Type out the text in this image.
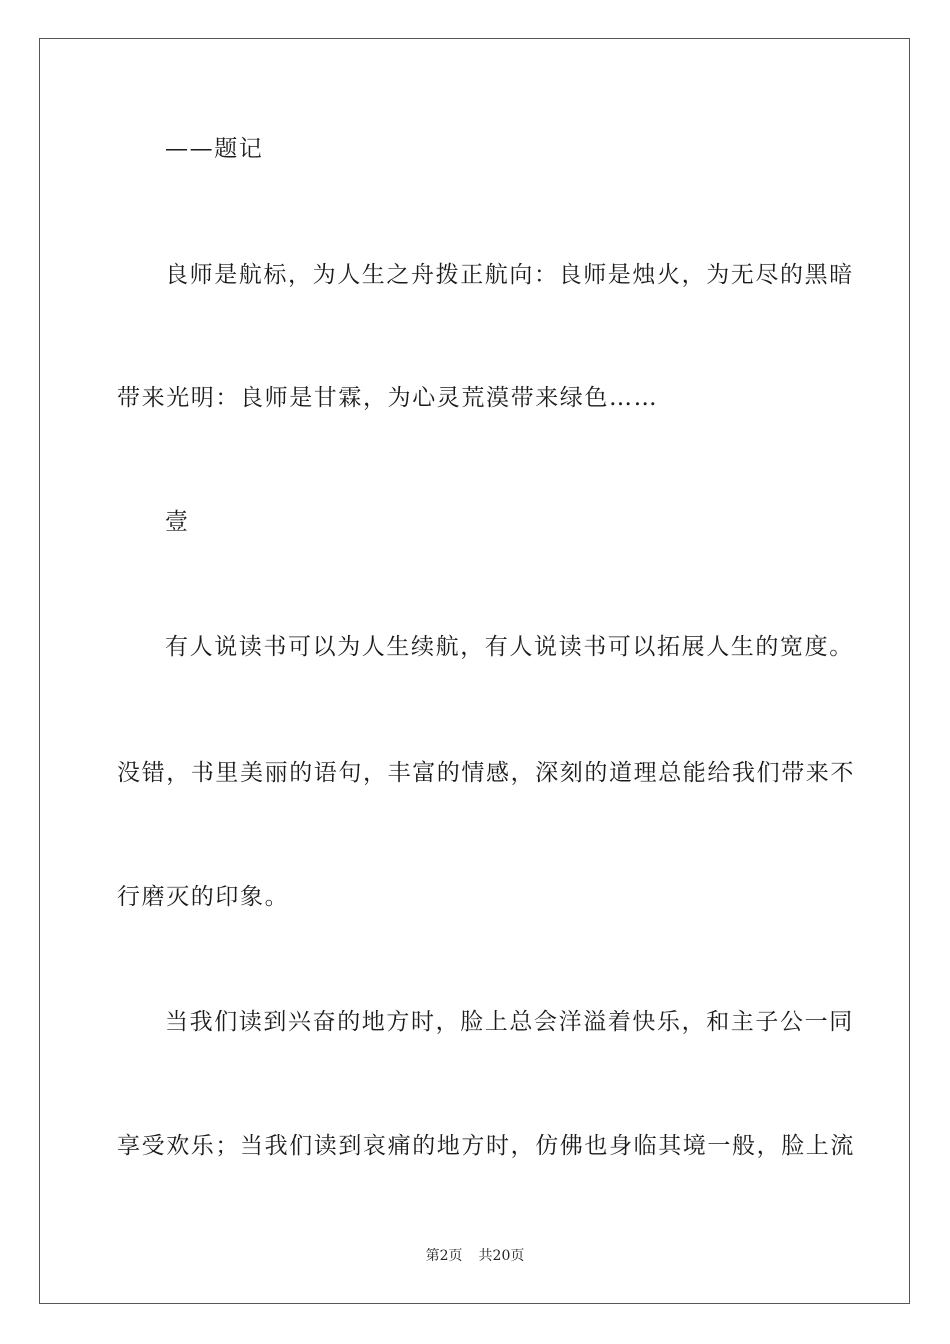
——题记
良师是航标，为人生之舟拨正航向：良师是烛火，为无尽的黑暗
带来光明：良师是甘霖，为心灵荒漠带来绿色……
壹
有人说读书可以为人生续航，有人说读书可以拓展人生的宽度。
没错，书里美丽的语句，丰富的情感，深刻的道理总能给我们带来不
行磨灭的印象。
当我们读到兴奋的地方时，脸上总会洋溢着快乐，和主子公一同
享受欢乐；当我们读到哀痛的地方时，仿佛也身临其境一般，脸上流
第2页 共20页
